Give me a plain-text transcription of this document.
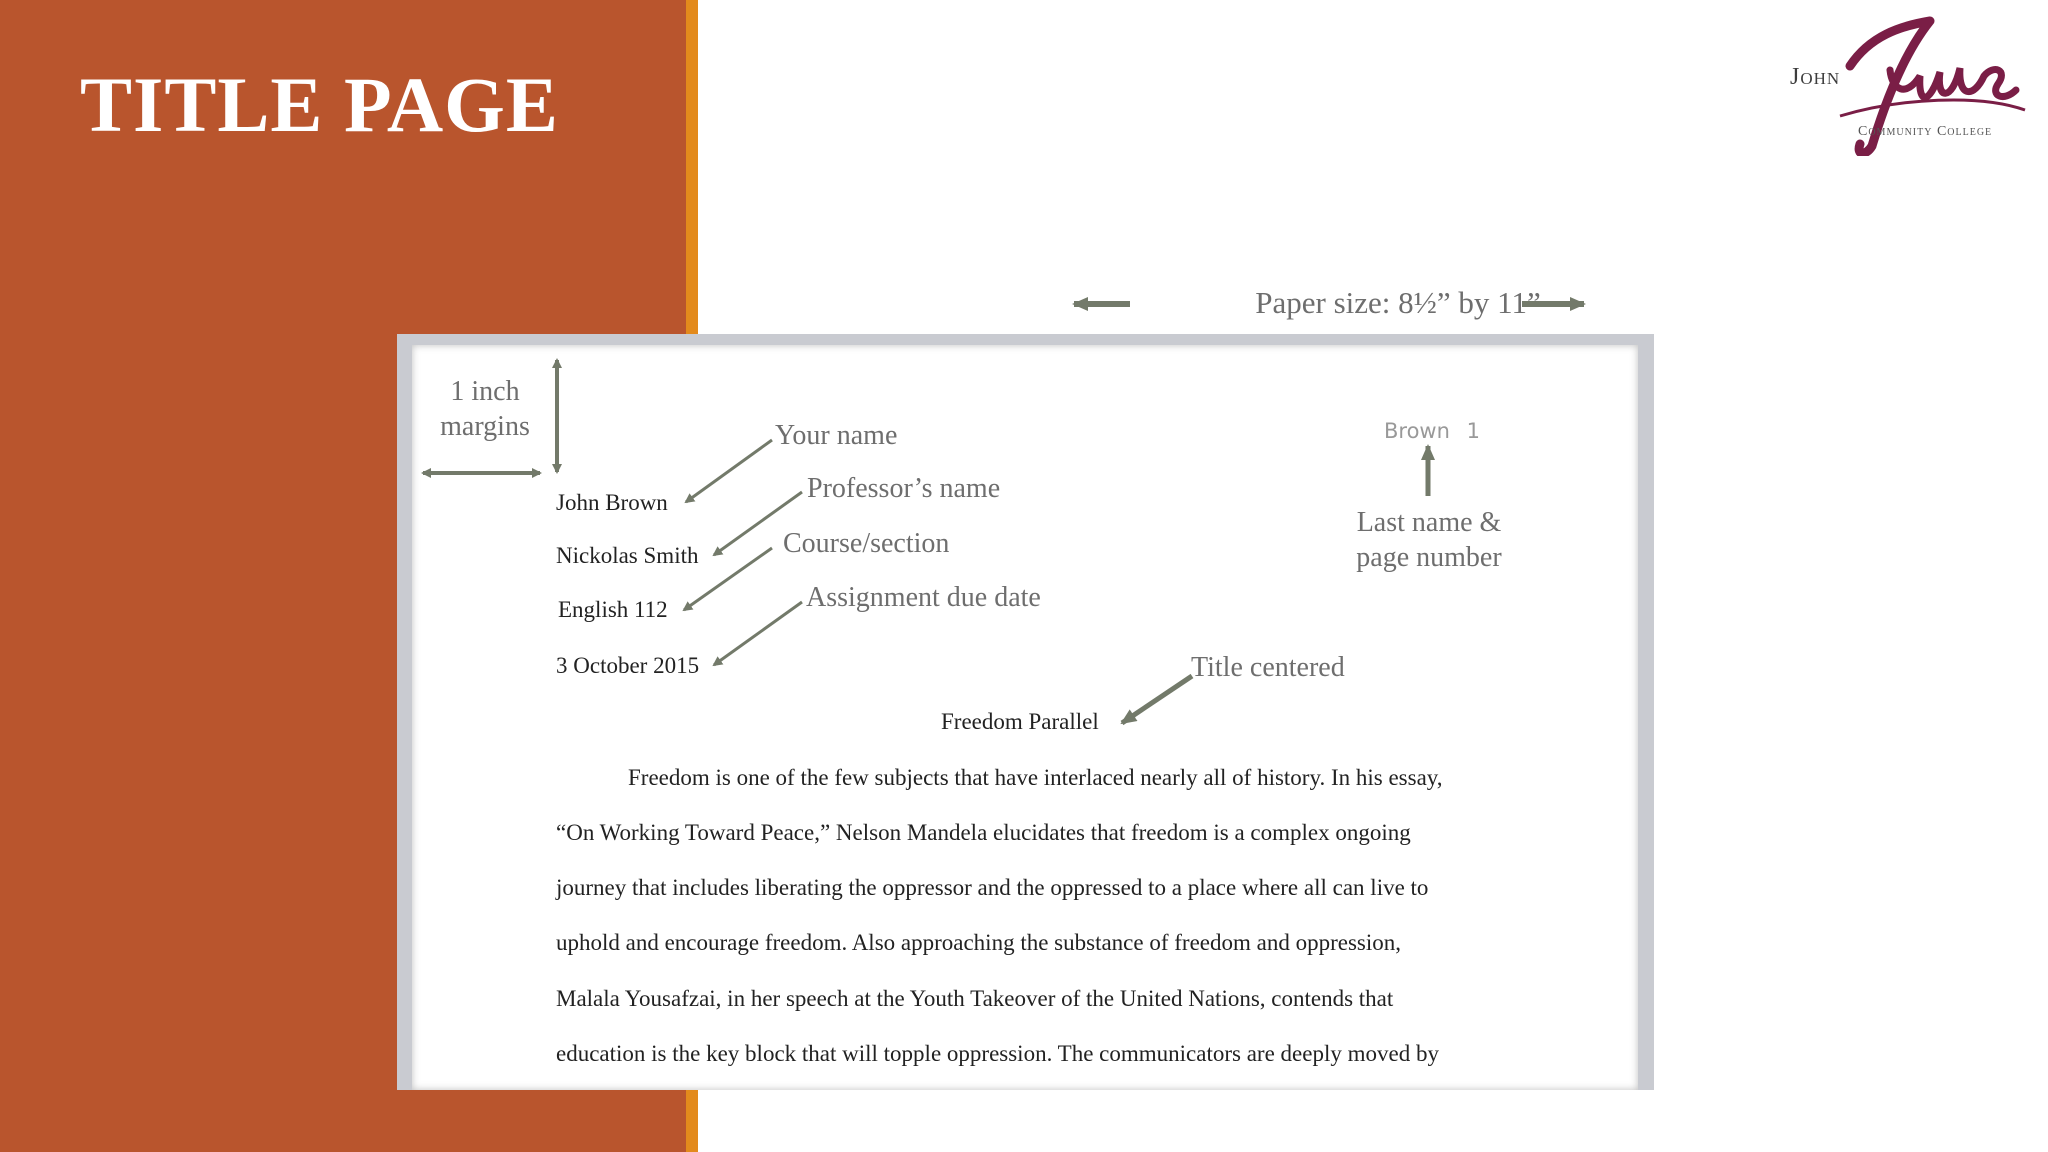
TITLE PAGE	John
Community College
Paper size: 8½” by 11”
Brown 1
John Brown
Nickolas Smith
English 112
3 October 2015
Freedom Parallel
Freedom is one of the few subjects that have interlaced nearly all of history. In his essay,
“On Working Toward Peace,” Nelson Mandela elucidates that freedom is a complex ongoing
journey that includes liberating the oppressor and the oppressed to a place where all can live to
uphold and encourage freedom. Also approaching the substance of freedom and oppression,
Malala Yousafzai, in her speech at the Youth Takeover of the United Nations, contends that
education is the key block that will topple oppression. The communicators are deeply moved by
1 inch
margins	Your name
Professor’s name
Course/section
Assignment due date
Title centered
Last name &
page number
